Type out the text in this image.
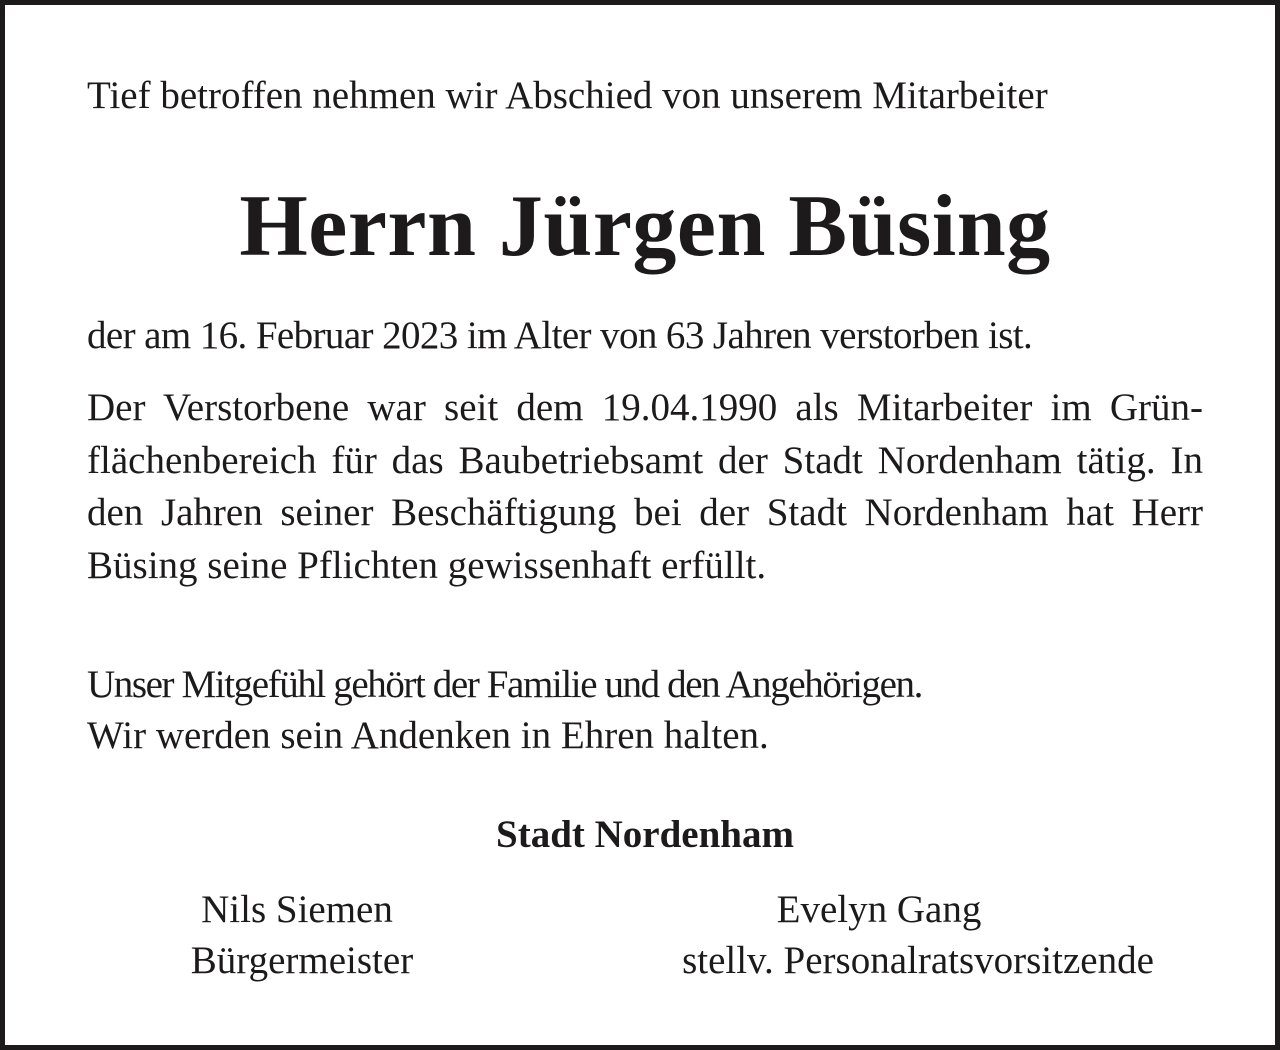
Tief betroffen nehmen wir Abschied von unserem Mitarbeiter
Herrn Jürgen Büsing
der am 16. Februar 2023 im Alter von 63 Jahren verstorben ist.
Der Verstorbene war seit dem 19.04.1990 als Mitarbeiter im Grün-flächenbereich für das Baubetriebsamt der Stadt Nordenham tätig. In den Jahren seiner Beschäftigung bei der Stadt Nordenham hat Herr Büsing seine Pflichten gewissenhaft erfüllt.
Unser Mitgefühl gehört der Familie und den Angehörigen.
Wir werden sein Andenken in Ehren halten.
Stadt Nordenham
Nils Siemen
Bürgermeister
Evelyn Gang
stellv. Personalratsvorsitzende
